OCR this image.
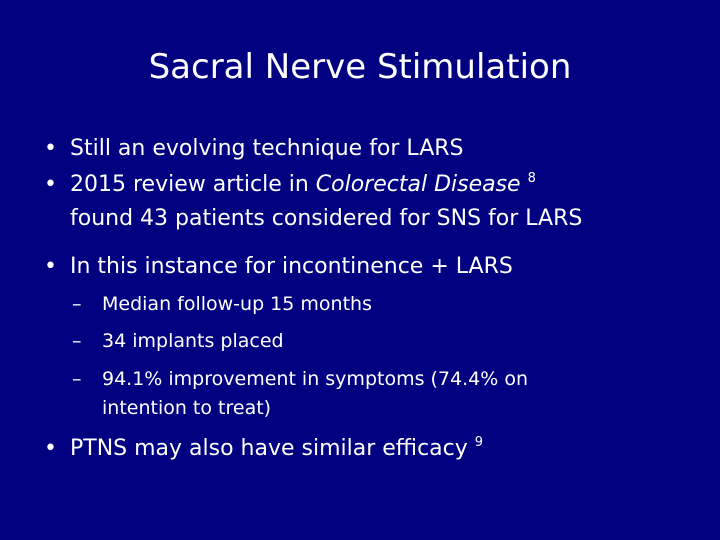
Sacral Nerve Stimulation
• Still an evolving technique for LARS
• 2015 review article in Colorectal Disease $^8$
found 43 patients considered for SNS for LARS
• In this instance for incontinence + LARS
–	Median follow-up 15 months
–	34 implants placed
–	94.1% improvement in symptoms (74.4% on
intention to treat)
• PTNS may also have similar efficacy $^9$
